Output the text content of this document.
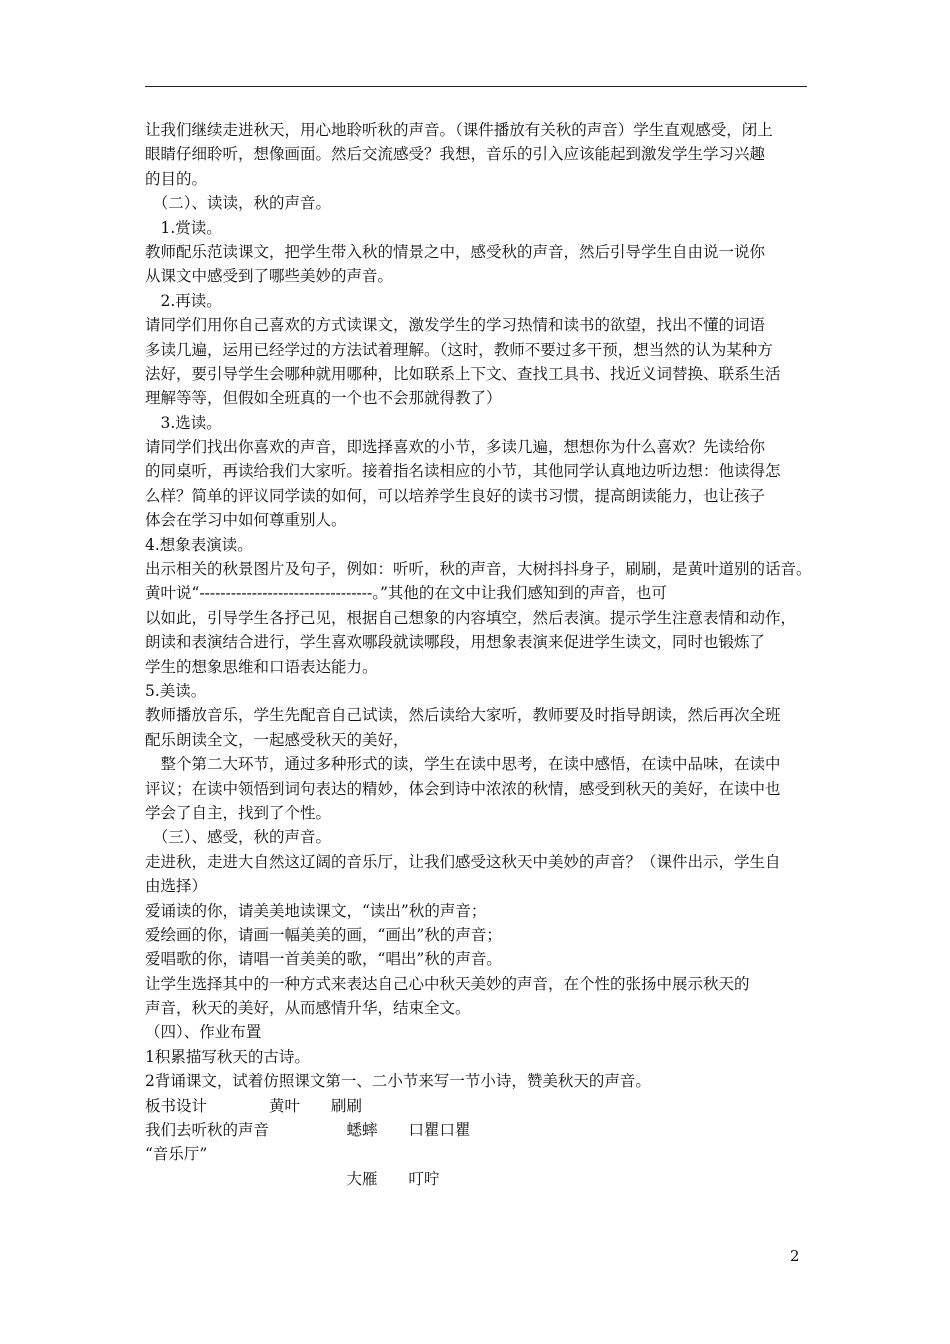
让我们继续走进秋天，用心地聆听秋的声音。（课件播放有关秋的声音）学生直观感受，闭上
眼睛仔细聆听，想像画面。然后交流感受？我想，音乐的引入应该能起到激发学生学习兴趣
的目的。
　（二）、读读，秋的声音。
　1.赏读。
教师配乐范读课文，把学生带入秋的情景之中，感受秋的声音，然后引导学生自由说一说你
从课文中感受到了哪些美妙的声音。
　2.再读。
请同学们用你自己喜欢的方式读课文，激发学生的学习热情和读书的欲望，找出不懂的词语
多读几遍，运用已经学过的方法试着理解。（这时，教师不要过多干预，想当然的认为某种方
法好，要引导学生会哪种就用哪种，比如联系上下文、查找工具书、找近义词替换、联系生活
理解等等，但假如全班真的一个也不会那就得教了）
　3.选读。
请同学们找出你喜欢的声音，即选择喜欢的小节，多读几遍，想想你为什么喜欢？先读给你
的同桌听，再读给我们大家听。接着指名读相应的小节，其他同学认真地边听边想：他读得怎
么样？简单的评议同学读的如何，可以培养学生良好的读书习惯，提高朗读能力，也让孩子
体会在学习中如何尊重别人。
4.想象表演读。
出示相关的秋景图片及句子，例如：听听，秋的声音，大树抖抖身子，刷刷，是黄叶道别的话音。
黄叶说“---------------------------------。”其他的在文中让我们感知到的声音，也可
以如此，引导学生各抒己见，根据自己想象的内容填空，然后表演。提示学生注意表情和动作，
朗读和表演结合进行，学生喜欢哪段就读哪段，用想象表演来促进学生读文，同时也锻炼了
学生的想象思维和口语表达能力。
5.美读。
教师播放音乐，学生先配音自己试读，然后读给大家听，教师要及时指导朗读，然后再次全班
配乐朗读全文，一起感受秋天的美好，
　整个第二大环节，通过多种形式的读，学生在读中思考，在读中感悟，在读中品味，在读中
评议；在读中领悟到词句表达的精妙，体会到诗中浓浓的秋情，感受到秋天的美好，在读中也
学会了自主，找到了个性。
　（三）、感受，秋的声音。
走进秋，走进大自然这辽阔的音乐厅，让我们感受这秋天中美妙的声音？（课件出示，学生自
由选择）
爱诵读的你，请美美地读课文，“读出”秋的声音；
爱绘画的你，请画一幅美美的画，“画出”秋的声音；
爱唱歌的你，请唱一首美美的歌，“唱出”秋的声音。
让学生选择其中的一种方式来表达自己心中秋天美妙的声音，在个性的张扬中展示秋天的
声音，秋天的美好，从而感情升华，结束全文。
（四）、作业布置
1积累描写秋天的古诗。
2背诵课文，试着仿照课文第一、二小节来写一节小诗，赞美秋天的声音。
板书设计　　　　黄叶　　刷刷
我们去听秋的声音　　　　　蟋蟀　　口瞿口瞿
“音乐厅”
　　　　　　　　　　　　　大雁　　叮咛
2
